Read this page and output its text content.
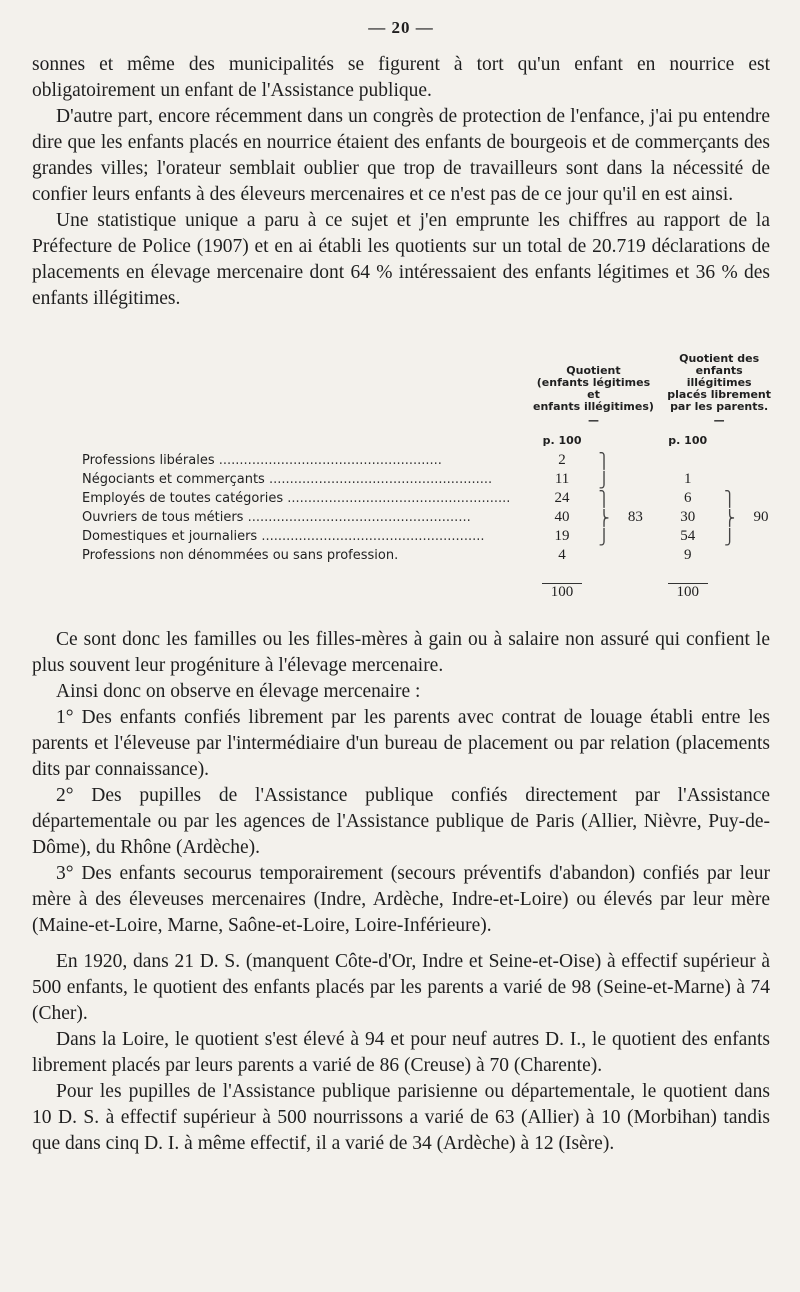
— 20 —

sonnes et même des municipalités se figurent à tort qu'un enfant en nourrice est obligatoirement un enfant de l'Assistance publique.

D'autre part, encore récemment dans un congrès de protection de l'enfance, j'ai pu entendre dire que les enfants placés en nourrice étaient des enfants de bourgeois et de commerçants des grandes villes; l'orateur semblait oublier que trop de travailleurs sont dans la nécessité de confier leurs enfants à des éleveurs mercenaires et ce n'est pas de ce jour qu'il en est ainsi.

Une statistique unique a paru à ce sujet et j'en emprunte les chiffres au rapport de la Préfecture de Police (1907) et en ai établi les quotients sur un total de 20.719 déclarations de placements en élevage mercenaire dont 64 % intéressaient des enfants légitimes et 36 % des enfants illégitimes.

	Quotient
(enfants légitimes
et
enfants illégitimes)
—			Quotient des enfants
illégitimes
placés librement
par les parents.
—		

	p. 100			p. 100		
Professions libérales .....	2	⎫				
Négociants et commerçants .....	11	⎭		1		
Employés de toutes catégories .....	24	⎫		6	⎫	
Ouvriers de tous métiers .....	40	⎬	83	30	⎬	90
Domestiques et journaliers .....	19	⎭		54	⎭	
Professions non dénommées ou sans profession.	4			9		

100			100		

Ce sont donc les familles ou les filles-mères à gain ou à salaire non assuré qui confient le plus souvent leur progéniture à l'élevage mercenaire.

Ainsi donc on observe en élevage mercenaire :

1° Des enfants confiés librement par les parents avec contrat de louage établi entre les parents et l'éleveuse par l'intermédiaire d'un bureau de placement ou par relation (placements dits par connaissance).

2° Des pupilles de l'Assistance publique confiés directement par l'Assistance départementale ou par les agences de l'Assistance publique de Paris (Allier, Nièvre, Puy-de-Dôme), du Rhône (Ardèche).

3° Des enfants secourus temporairement (secours préventifs d'abandon) confiés par leur mère à des éleveuses mercenaires (Indre, Ardèche, Indre-et-Loire) ou élevés par leur mère (Maine-et-Loire, Marne, Saône-et-Loire, Loire-Inférieure).

En 1920, dans 21 D. S. (manquent Côte-d'Or, Indre et Seine-et-Oise) à effectif supérieur à 500 enfants, le quotient des enfants placés par les parents a varié de 98 (Seine-et-Marne) à 74 (Cher).

Dans la Loire, le quotient s'est élevé à 94 et pour neuf autres D. I., le quotient des enfants librement placés par leurs parents a varié de 86 (Creuse) à 70 (Charente).

Pour les pupilles de l'Assistance publique parisienne ou départementale, le quotient dans 10 D. S. à effectif supérieur à 500 nourrissons a varié de 63 (Allier) à 10 (Morbihan) tandis que dans cinq D. I. à même effectif, il a varié de 34 (Ardèche) à 12 (Isère).
